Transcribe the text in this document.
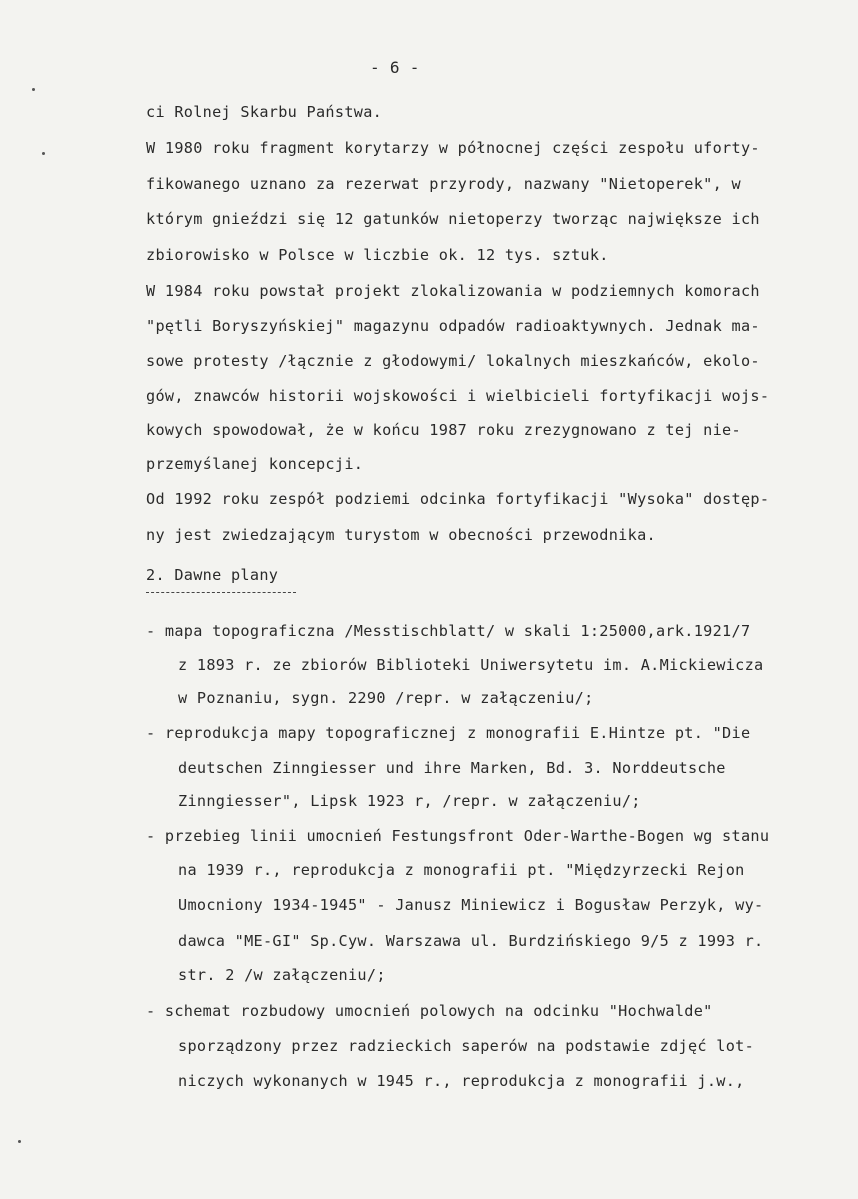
- 6 -
ci Rolnej Skarbu Państwa.
W 1980 roku fragment korytarzy w północnej części zespołu uforty-
fikowanego uznano za rezerwat przyrody, nazwany "Nietoperek", w
którym gnieździ się 12 gatunków nietoperzy tworząc największe ich
zbiorowisko w Polsce w liczbie ok. 12 tys. sztuk.
W 1984 roku powstał projekt zlokalizowania w podziemnych komorach
"pętli Boryszyńskiej" magazynu odpadów radioaktywnych. Jednak ma-
sowe protesty /łącznie z głodowymi/ lokalnych mieszkańców, ekolo-
gów, znawców historii wojskowości i wielbicieli fortyfikacji wojs-
kowych spowodował, że w końcu 1987 roku zrezygnowano z tej nie-
przemyślanej koncepcji.
Od 1992 roku zespół podziemi odcinka fortyfikacji "Wysoka" dostęp-
ny jest zwiedzającym turystom w obecności przewodnika.
2. Dawne plany
- mapa topograficzna /Messtischblatt/ w skali 1:25000,ark.1921/7
z 1893 r. ze zbiorów Biblioteki Uniwersytetu im. A.Mickiewicza
w Poznaniu, sygn. 2290 /repr. w załączeniu/;
- reprodukcja mapy topograficznej z monografii E.Hintze pt. "Die
deutschen Zinngiesser und ihre Marken, Bd. 3. Norddeutsche
Zinngiesser", Lipsk 1923 r, /repr. w załączeniu/;
- przebieg linii umocnień Festungsfront Oder-Warthe-Bogen wg stanu
na 1939 r., reprodukcja z monografii pt. "Międzyrzecki Rejon
Umocniony 1934-1945" - Janusz Miniewicz i Bogusław Perzyk, wy-
dawca "ME-GI" Sp.Cyw. Warszawa ul. Burdzińskiego 9/5 z 1993 r.
str. 2 /w załączeniu/;
- schemat rozbudowy umocnień polowych na odcinku "Hochwalde"
sporządzony przez radzieckich saperów na podstawie zdjęć lot-
niczych wykonanych w 1945 r., reprodukcja z monografii j.w.,
